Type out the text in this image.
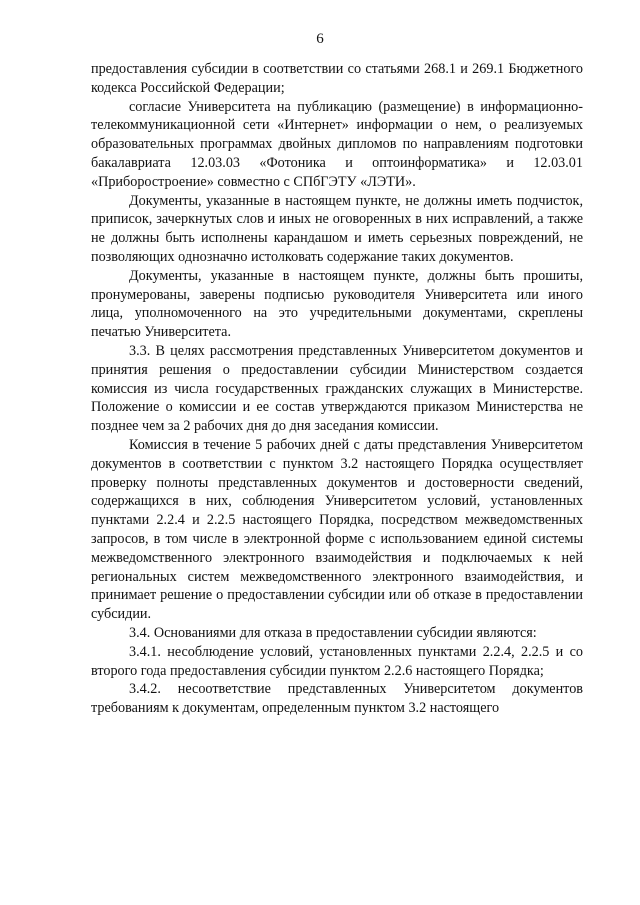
6

предоставления субсидии в соответствии со статьями 268.1 и 269.1 Бюджетного кодекса Российской Федерации;

согласие Университета на публикацию (размещение) в информационно-телекоммуникационной сети «Интернет» информации о нем, о реализуемых образовательных программах двойных дипломов по направлениям подготовки бакалавриата 12.03.03 «Фотоника и оптоинформатика» и 12.03.01 «Приборостроение» совместно с СПбГЭТУ «ЛЭТИ».

Документы, указанные в настоящем пункте, не должны иметь подчисток, приписок, зачеркнутых слов и иных не оговоренных в них исправлений, а также не должны быть исполнены карандашом и иметь серьезных повреждений, не позволяющих однозначно истолковать содержание таких документов.

Документы, указанные в настоящем пункте, должны быть прошиты, пронумерованы, заверены подписью руководителя Университета или иного лица, уполномоченного на это учредительными документами, скреплены печатью Университета.

3.3. В целях рассмотрения представленных Университетом документов и принятия решения о предоставлении субсидии Министерством создается комиссия из числа государственных гражданских служащих в Министерстве. Положение о комиссии и ее состав утверждаются приказом Министерства не позднее чем за 2 рабочих дня до дня заседания комиссии.

Комиссия в течение 5 рабочих дней с даты представления Университетом документов в соответствии с пунктом 3.2 настоящего Порядка осуществляет проверку полноты представленных документов и достоверности сведений, содержащихся в них, соблюдения Университетом условий, установленных пунктами 2.2.4 и 2.2.5 настоящего Порядка, посредством межведомственных запросов, в том числе в электронной форме с использованием единой системы межведомственного электронного взаимодействия и подключаемых к ней региональных систем межведомственного электронного взаимодействия, и принимает решение о предоставлении субсидии или об отказе в предоставлении субсидии.

3.4. Основаниями для отказа в предоставлении субсидии являются:

3.4.1. несоблюдение условий, установленных пунктами 2.2.4, 2.2.5 и со второго года предоставления субсидии пунктом 2.2.6 настоящего Порядка;

3.4.2. несоответствие представленных Университетом документов требованиям к документам, определенным пунктом 3.2 настоящего
